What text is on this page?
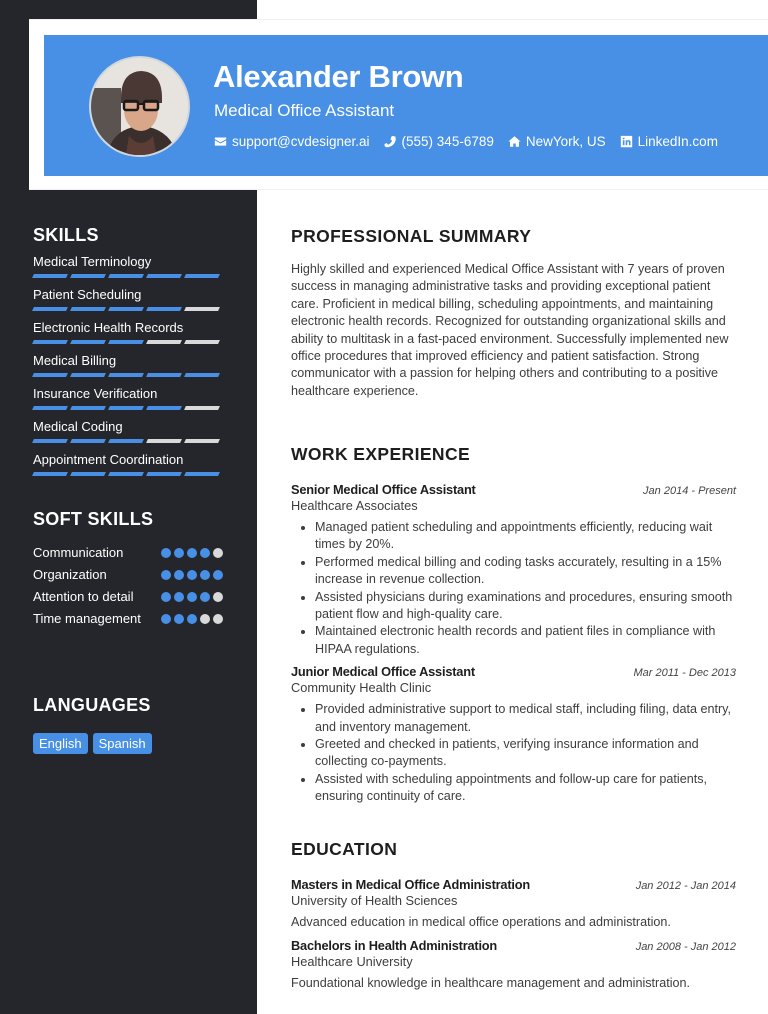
Alexander Brown
Medical Office Assistant
support@cvdesigner.ai (555) 345-6789 NewYork, US LinkedIn.com
SKILLS
Medical Terminology
Patient Scheduling
Electronic Health Records
Medical Billing
Insurance Verification
Medical Coding
Appointment Coordination
SOFT SKILLS
Communication
Organization
Attention to detail
Time management
LANGUAGES
English	Spanish
PROFESSIONAL SUMMARY
Highly skilled and experienced Medical Office Assistant with 7 years of proven success in managing administrative tasks and providing exceptional patient care. Proficient in medical billing, scheduling appointments, and maintaining electronic health records. Recognized for outstanding organizational skills and ability to multitask in a fast-paced environment. Successfully implemented new office procedures that improved efficiency and patient satisfaction. Strong communicator with a passion for helping others and contributing to a positive healthcare experience.
WORK EXPERIENCE
Senior Medical Office Assistant	Jan 2014 - Present
Healthcare Associates
• Managed patient scheduling and appointments efficiently, reducing wait times by 20%.
• Performed medical billing and coding tasks accurately, resulting in a 15% increase in revenue collection.
• Assisted physicians during examinations and procedures, ensuring smooth patient flow and high-quality care.
• Maintained electronic health records and patient files in compliance with HIPAA regulations.
Junior Medical Office Assistant	Mar 2011 - Dec 2013
Community Health Clinic
• Provided administrative support to medical staff, including filing, data entry, and inventory management.
• Greeted and checked in patients, verifying insurance information and collecting co-payments.
• Assisted with scheduling appointments and follow-up care for patients, ensuring continuity of care.
EDUCATION
Masters in Medical Office Administration	Jan 2012 - Jan 2014
University of Health Sciences
Advanced education in medical office operations and administration.
Bachelors in Health Administration	Jan 2008 - Jan 2012
Healthcare University
Foundational knowledge in healthcare management and administration.
